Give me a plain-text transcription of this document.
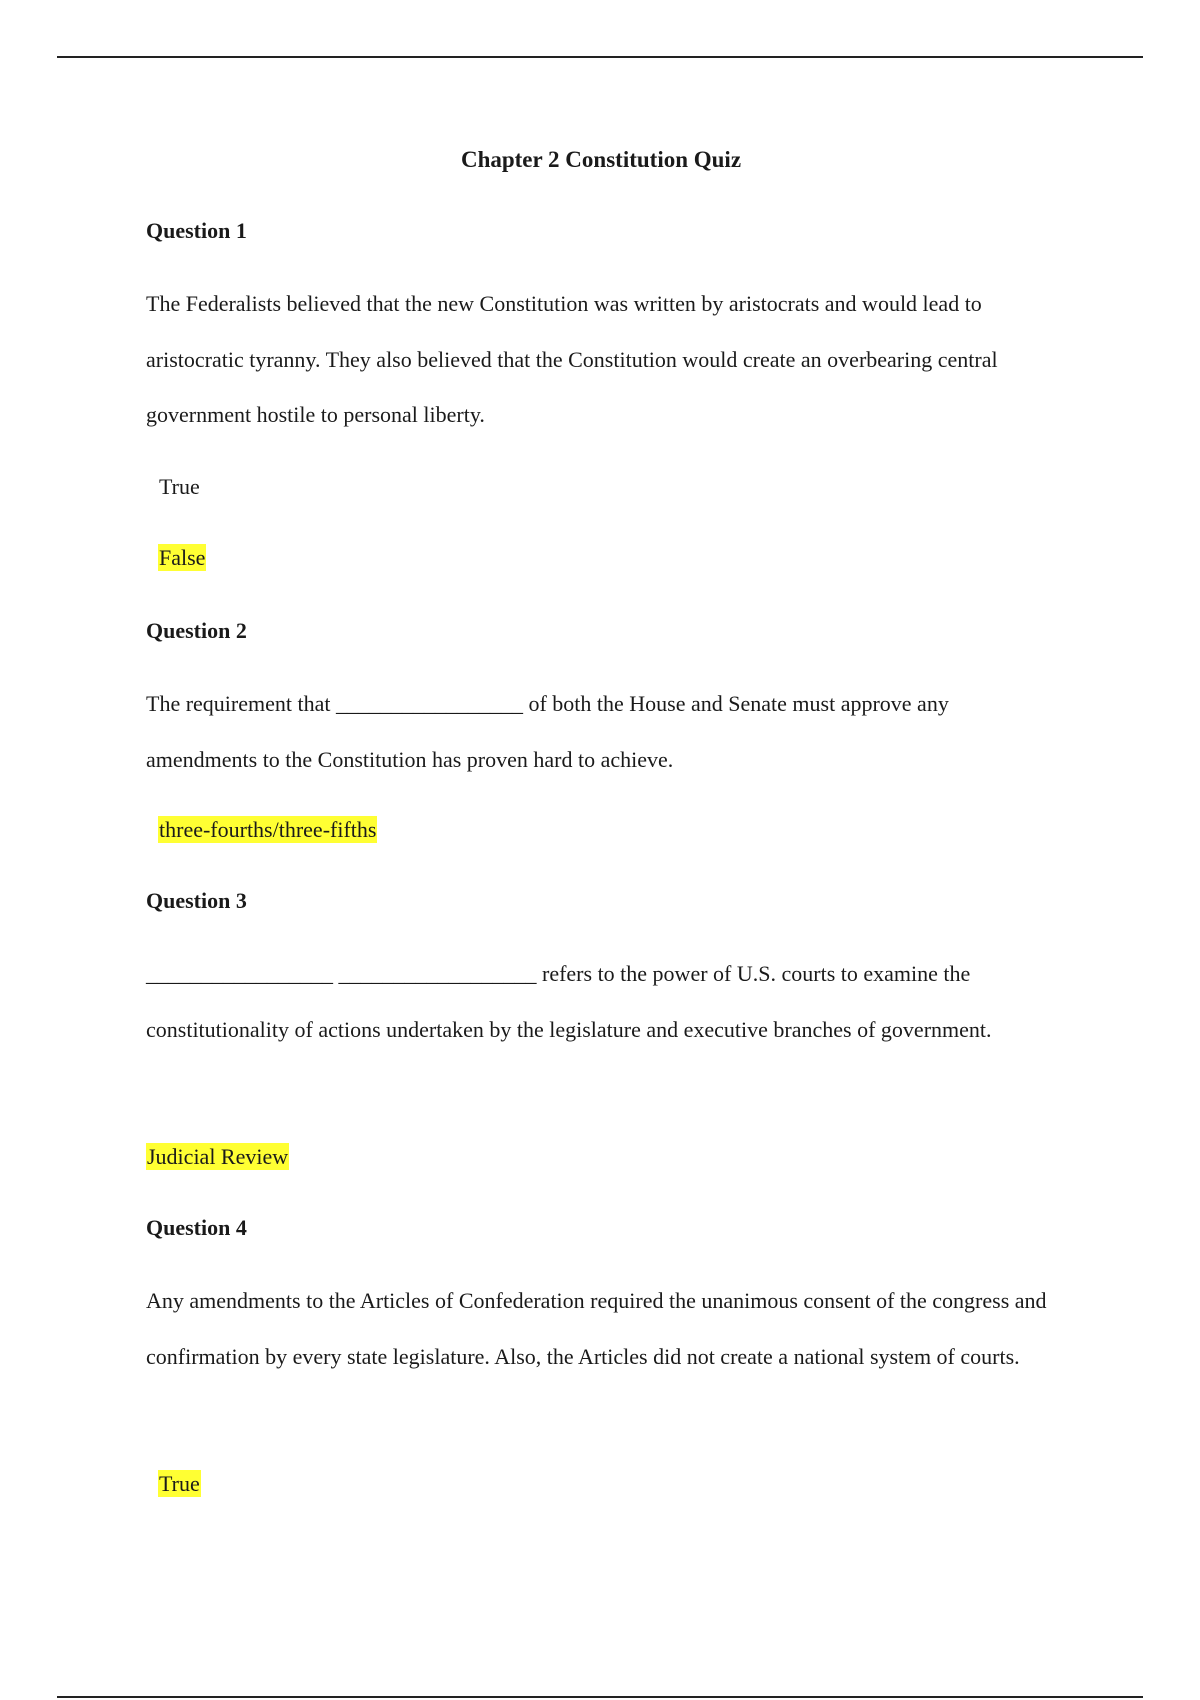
Chapter 2 Constitution Quiz

Question 1

The Federalists believed that the new Constitution was written by aristocrats and would lead to aristocratic tyranny. They also believed that the Constitution would create an overbearing central government hostile to personal liberty.

True
False

Question 2

The requirement that _________________ of both the House and Senate must approve any amendments to the Constitution has proven hard to achieve.

three-fourths/three-fifths

Question 3

_________________ __________________ refers to the power of U.S. courts to examine the constitutionality of actions undertaken by the legislature and executive branches of government.

Judicial Review

Question 4

Any amendments to the Articles of Confederation required the unanimous consent of the congress and confirmation by every state legislature. Also, the Articles did not create a national system of courts.

True
